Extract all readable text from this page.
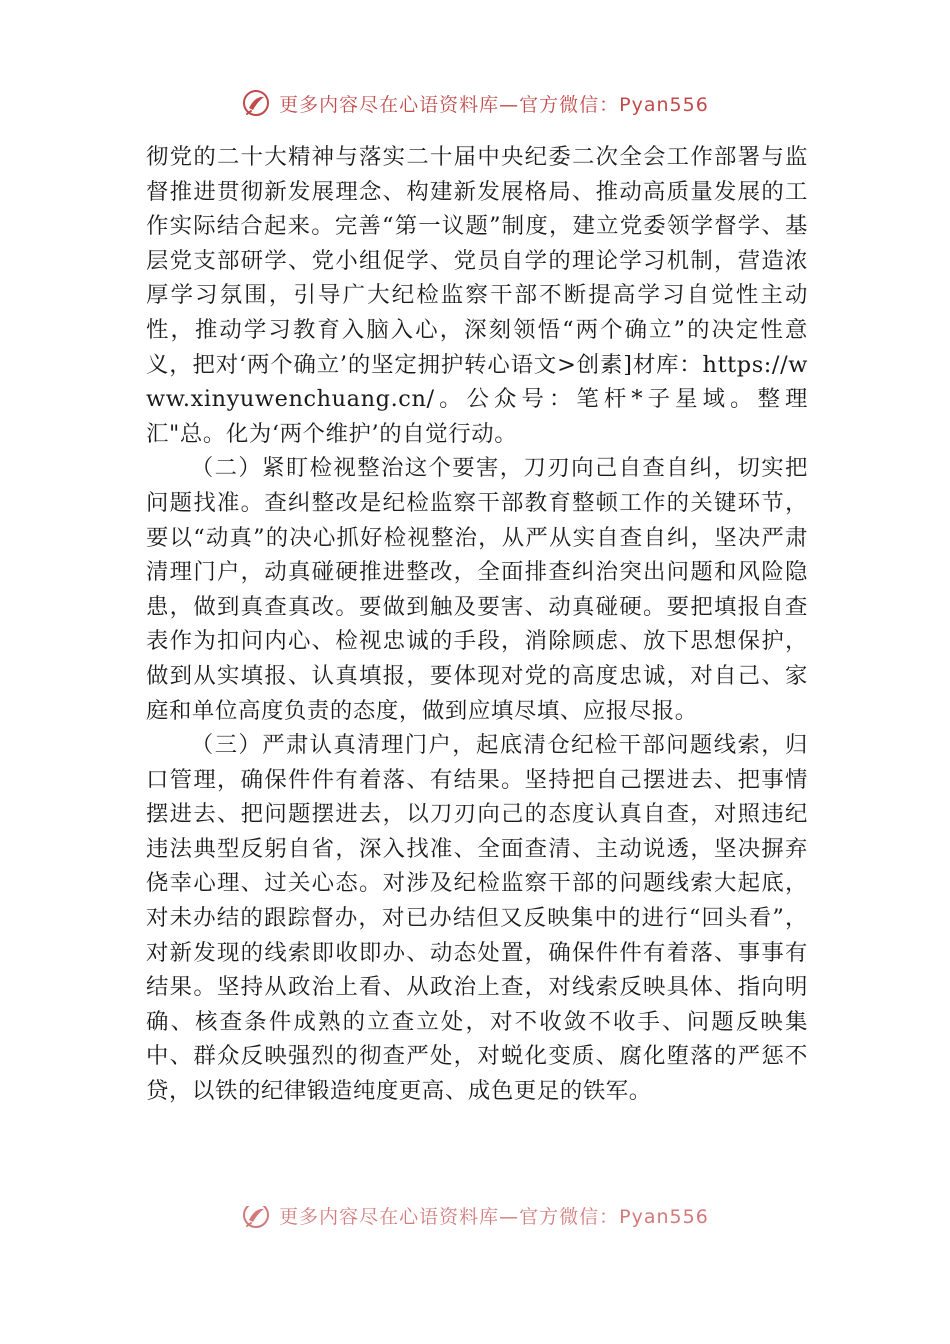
更多内容尽在心语资料库—官方微信：Pyan556

彻党的二十大精神与落实二十届中央纪委二次全会工作部署与监督推进贯彻新发展理念、构建新发展格局、推动高质量发展的工作实际结合起来。完善“第一议题”制度，建立党委领学督学、基层党支部研学、党小组促学、党员自学的理论学习机制，营造浓厚学习氛围，引导广大纪检监察干部不断提高学习自觉性主动性，推动学习教育入脑入心，深刻领悟“两个确立”的决定性意义，把对‘两个确立’的坚定拥护转心语文>创素]材库：https://www.xinyuwenchuang.cn/。公众号：笔杆*子星域。整理汇"总。化为‘两个维护’的自觉行动。

（二）紧盯检视整治这个要害，刀刃向己自查自纠，切实把问题找准。查纠整改是纪检监察干部教育整顿工作的关键环节，要以“动真”的决心抓好检视整治，从严从实自查自纠，坚决严肃清理门户，动真碰硬推进整改，全面排查纠治突出问题和风险隐患，做到真查真改。要做到触及要害、动真碰硬。要把填报自查表作为扣问内心、检视忠诚的手段，消除顾虑、放下思想保护，做到从实填报、认真填报，要体现对党的高度忠诚，对自己、家庭和单位高度负责的态度，做到应填尽填、应报尽报。

（三）严肃认真清理门户，起底清仓纪检干部问题线索，归口管理，确保件件有着落、有结果。坚持把自己摆进去、把事情摆进去、把问题摆进去，以刀刃向己的态度认真自查，对照违纪违法典型反躬自省，深入找准、全面查清、主动说透，坚决摒弃侥幸心理、过关心态。对涉及纪检监察干部的问题线索大起底，对未办结的跟踪督办，对已办结但又反映集中的进行“回头看”，对新发现的线索即收即办、动态处置，确保件件有着落、事事有结果。坚持从政治上看、从政治上查，对线索反映具体、指向明确、核查条件成熟的立查立处，对不收敛不收手、问题反映集中、群众反映强烈的彻查严处，对蜕化变质、腐化堕落的严惩不贷，以铁的纪律锻造纯度更高、成色更足的铁军。

更多内容尽在心语资料库—官方微信：Pyan556
